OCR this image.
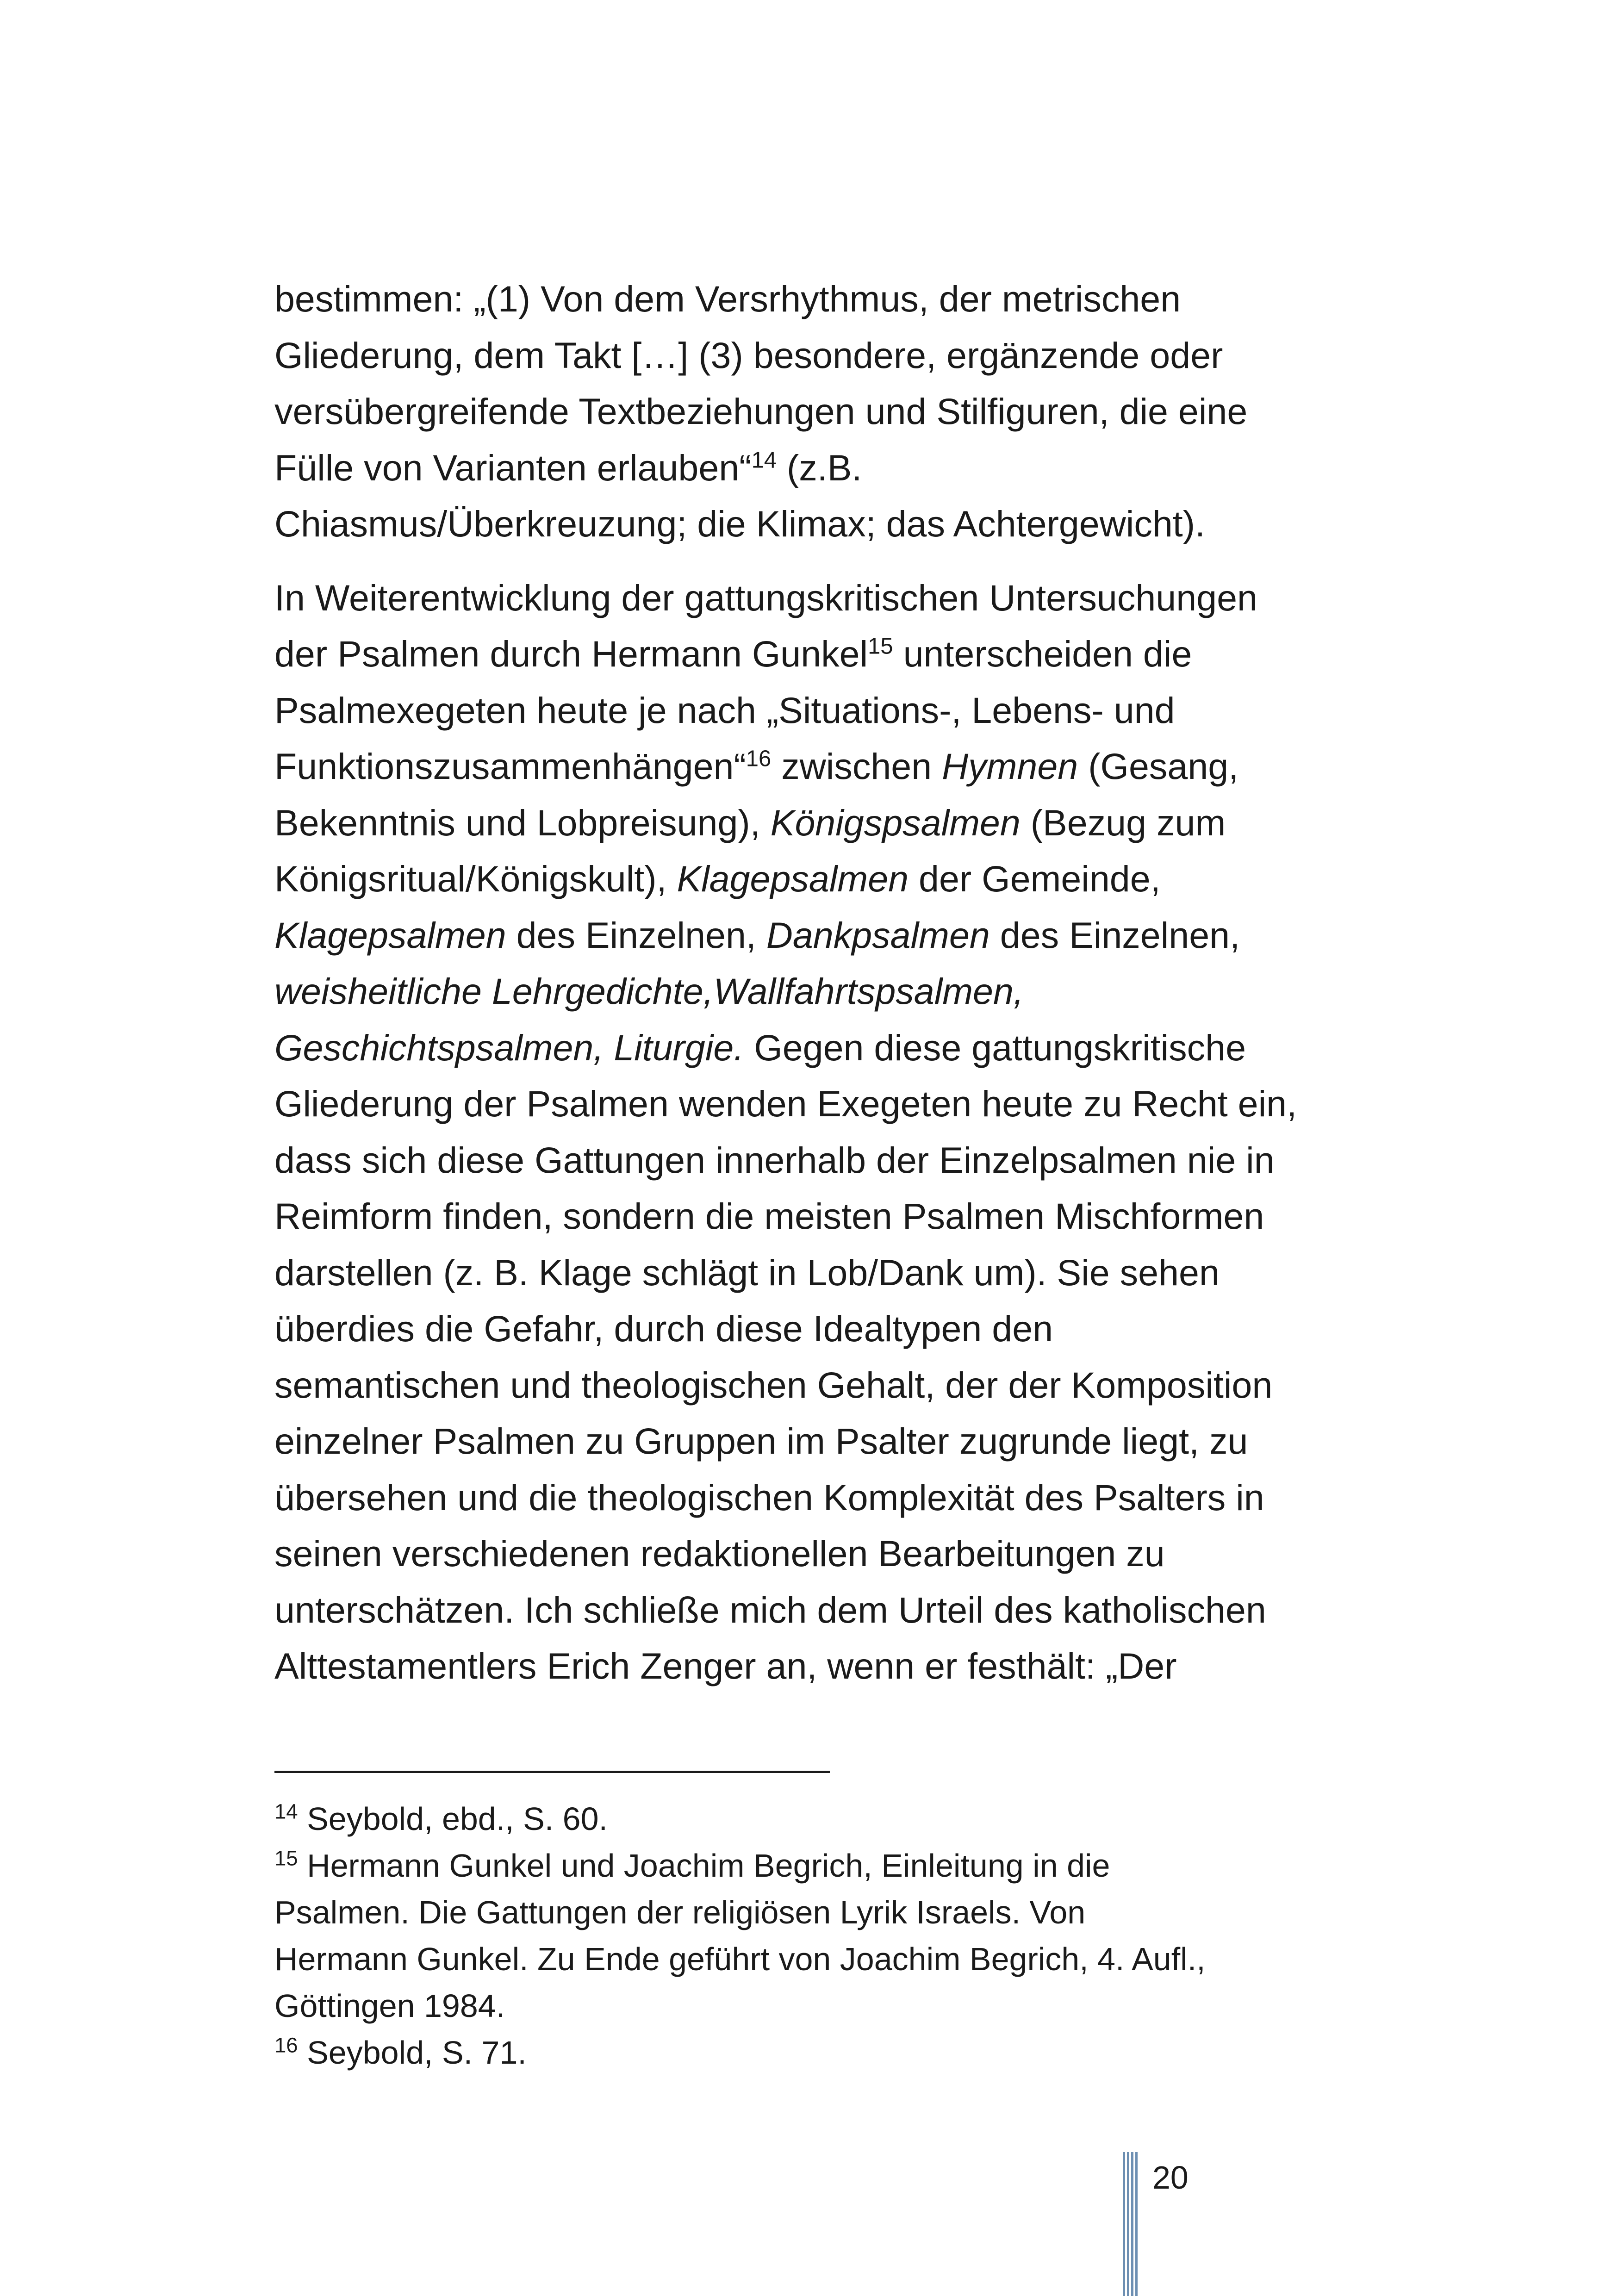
bestimmen: „(1) Von dem Versrhythmus, der metrischen
Gliederung, dem Takt […] (3) besondere, ergänzende oder
versübergreifende Textbeziehungen und Stilfiguren, die eine
Fülle von Varianten erlauben“$^{14}$ (z.B.
Chiasmus/Überkreuzung; die Klimax; das Achtergewicht).

In Weiterentwicklung der gattungskritischen Untersuchungen
der Psalmen durch Hermann Gunkel$^{15}$ unterscheiden die
Psalmexegeten heute je nach „Situations-, Lebens- und
Funktionszusammenhängen“$^{16}$ zwischen Hymnen (Gesang,
Bekenntnis und Lobpreisung), Königspsalmen (Bezug zum
Königsritual/Königskult), Klagepsalmen der Gemeinde,
Klagepsalmen des Einzelnen, Dankpsalmen des Einzelnen,
weisheitliche Lehrgedichte,Wallfahrtspsalmen,
Geschichtspsalmen, Liturgie. Gegen diese gattungskritische
Gliederung der Psalmen wenden Exegeten heute zu Recht ein,
dass sich diese Gattungen innerhalb der Einzelpsalmen nie in
Reimform finden, sondern die meisten Psalmen Mischformen
darstellen (z. B. Klage schlägt in Lob/Dank um). Sie sehen
überdies die Gefahr, durch diese Idealtypen den
semantischen und theologischen Gehalt, der der Komposition
einzelner Psalmen zu Gruppen im Psalter zugrunde liegt, zu
übersehen und die theologischen Komplexität des Psalters in
seinen verschiedenen redaktionellen Bearbeitungen zu
unterschätzen. Ich schließe mich dem Urteil des katholischen
Alttestamentlers Erich Zenger an, wenn er festhält: „Der

$^{14}$ Seybold, ebd., S. 60.

$^{15}$ Hermann Gunkel und Joachim Begrich, Einleitung in die
Psalmen. Die Gattungen der religiösen Lyrik Israels. Von
Hermann Gunkel. Zu Ende geführt von Joachim Begrich, 4. Aufl.,
Göttingen 1984.

$^{16}$ Seybold, S. 71.

20
